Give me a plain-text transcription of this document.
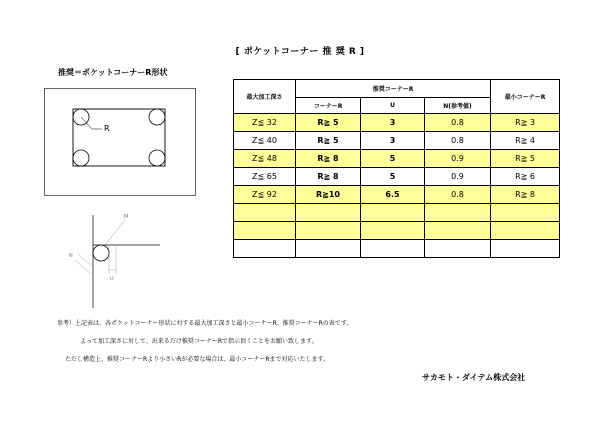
[ ポケットコーナー 推 奨 R ]
推奨＝ポケットコーナーR形状
R
M
N
U
最大加工深さ	推奨コーナーR			最小コーナーR
	コーナーR	U	N(参考値)	
Z≦ 32	R≧ 5	3	0.8	R≧ 3
Z≦ 40	R≧ 5	3	0.8	R≧ 4
Z≦ 48	R≧ 8	5	0.9	R≧ 5
Z≦ 65	R≧ 8	5	0.9	R≧ 6
Z≦ 92	R≧10	6.5	0.8	R≧ 8

参考）上記表は、各ポケットコーナー形状に対する最大加工深さと最小コーナーR、推奨コーナーRの表です。
よって加工深さに対して、出来るだけ推奨コーナーRで指示頂くことをお願い致します。
ただし構造上、推奨コーナーRより小さいRが必要な場合は、最小コーナーRまで対応いたします。
サカモト・ダイテム株式会社
